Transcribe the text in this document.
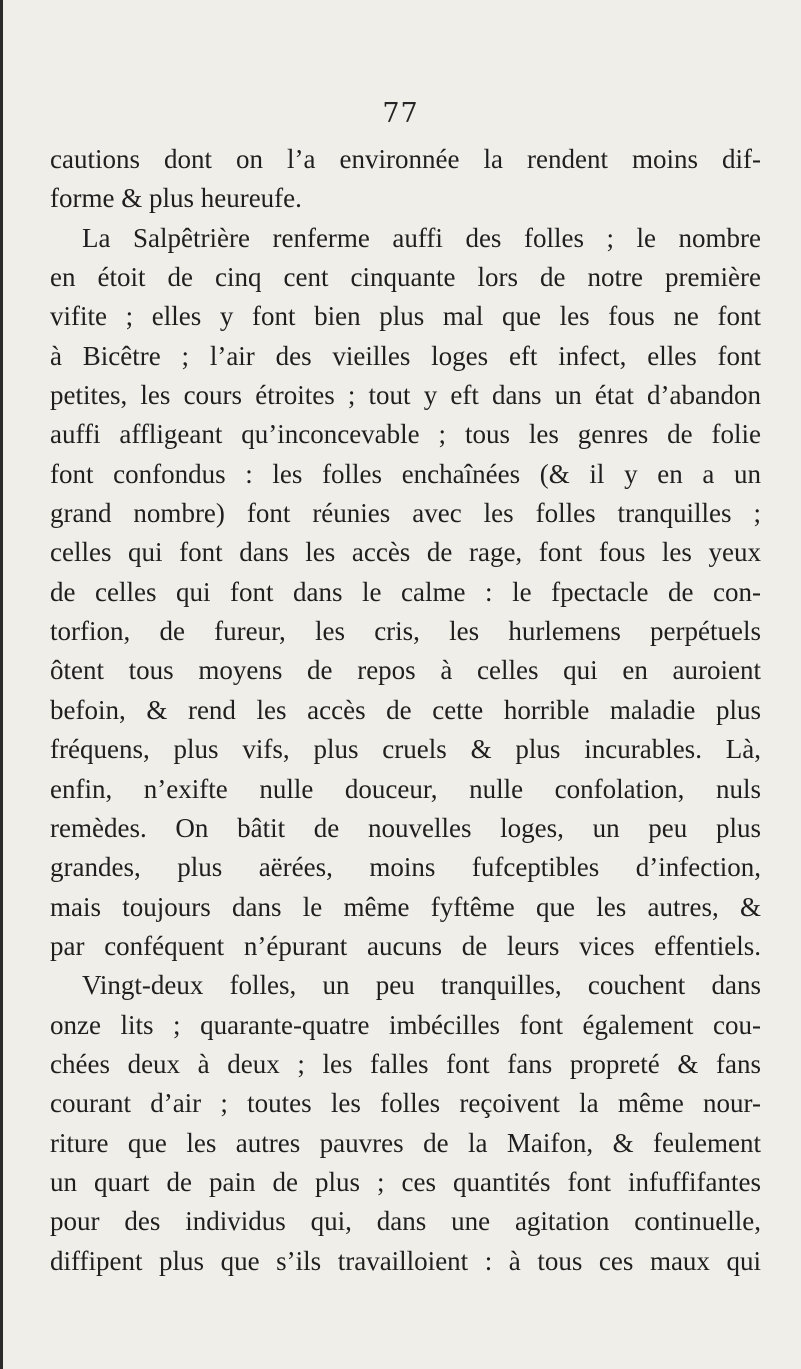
77
cautions dont on l’a environnée la rendent moins dif-
forme & plus heureufe.
La Salpêtrière renferme auffi des folles ; le nombre
en étoit de cinq cent cinquante lors de notre première
vifite ; elles y font bien plus mal que les fous ne font
à Bicêtre ; l’air des vieilles loges eft infect, elles font
petites, les cours étroites ; tout y eft dans un état d’abandon
auffi affligeant qu’inconcevable ; tous les genres de folie
font confondus : les folles enchaînées (& il y en a un
grand nombre) font réunies avec les folles tranquilles ;
celles qui font dans les accès de rage, font fous les yeux
de celles qui font dans le calme : le fpectacle de con-
torfion, de fureur, les cris, les hurlemens perpétuels
ôtent tous moyens de repos à celles qui en auroient
befoin, & rend les accès de cette horrible maladie plus
fréquens, plus vifs, plus cruels & plus incurables. Là,
enfin, n’exifte nulle douceur, nulle confolation, nuls
remèdes. On bâtit de nouvelles loges, un peu plus
grandes, plus aërées, moins fufceptibles d’infection,
mais toujours dans le même fyftême que les autres, &
par conféquent n’épurant aucuns de leurs vices effentiels.
Vingt-deux folles, un peu tranquilles, couchent dans
onze lits ; quarante-quatre imbécilles font également cou-
chées deux à deux ; les falles font fans propreté & fans
courant d’air ; toutes les folles reçoivent la même nour-
riture que les autres pauvres de la Maifon, & feulement
un quart de pain de plus ; ces quantités font infuffifantes
pour des individus qui, dans une agitation continuelle,
diffipent plus que s’ils travailloient : à tous ces maux qui
